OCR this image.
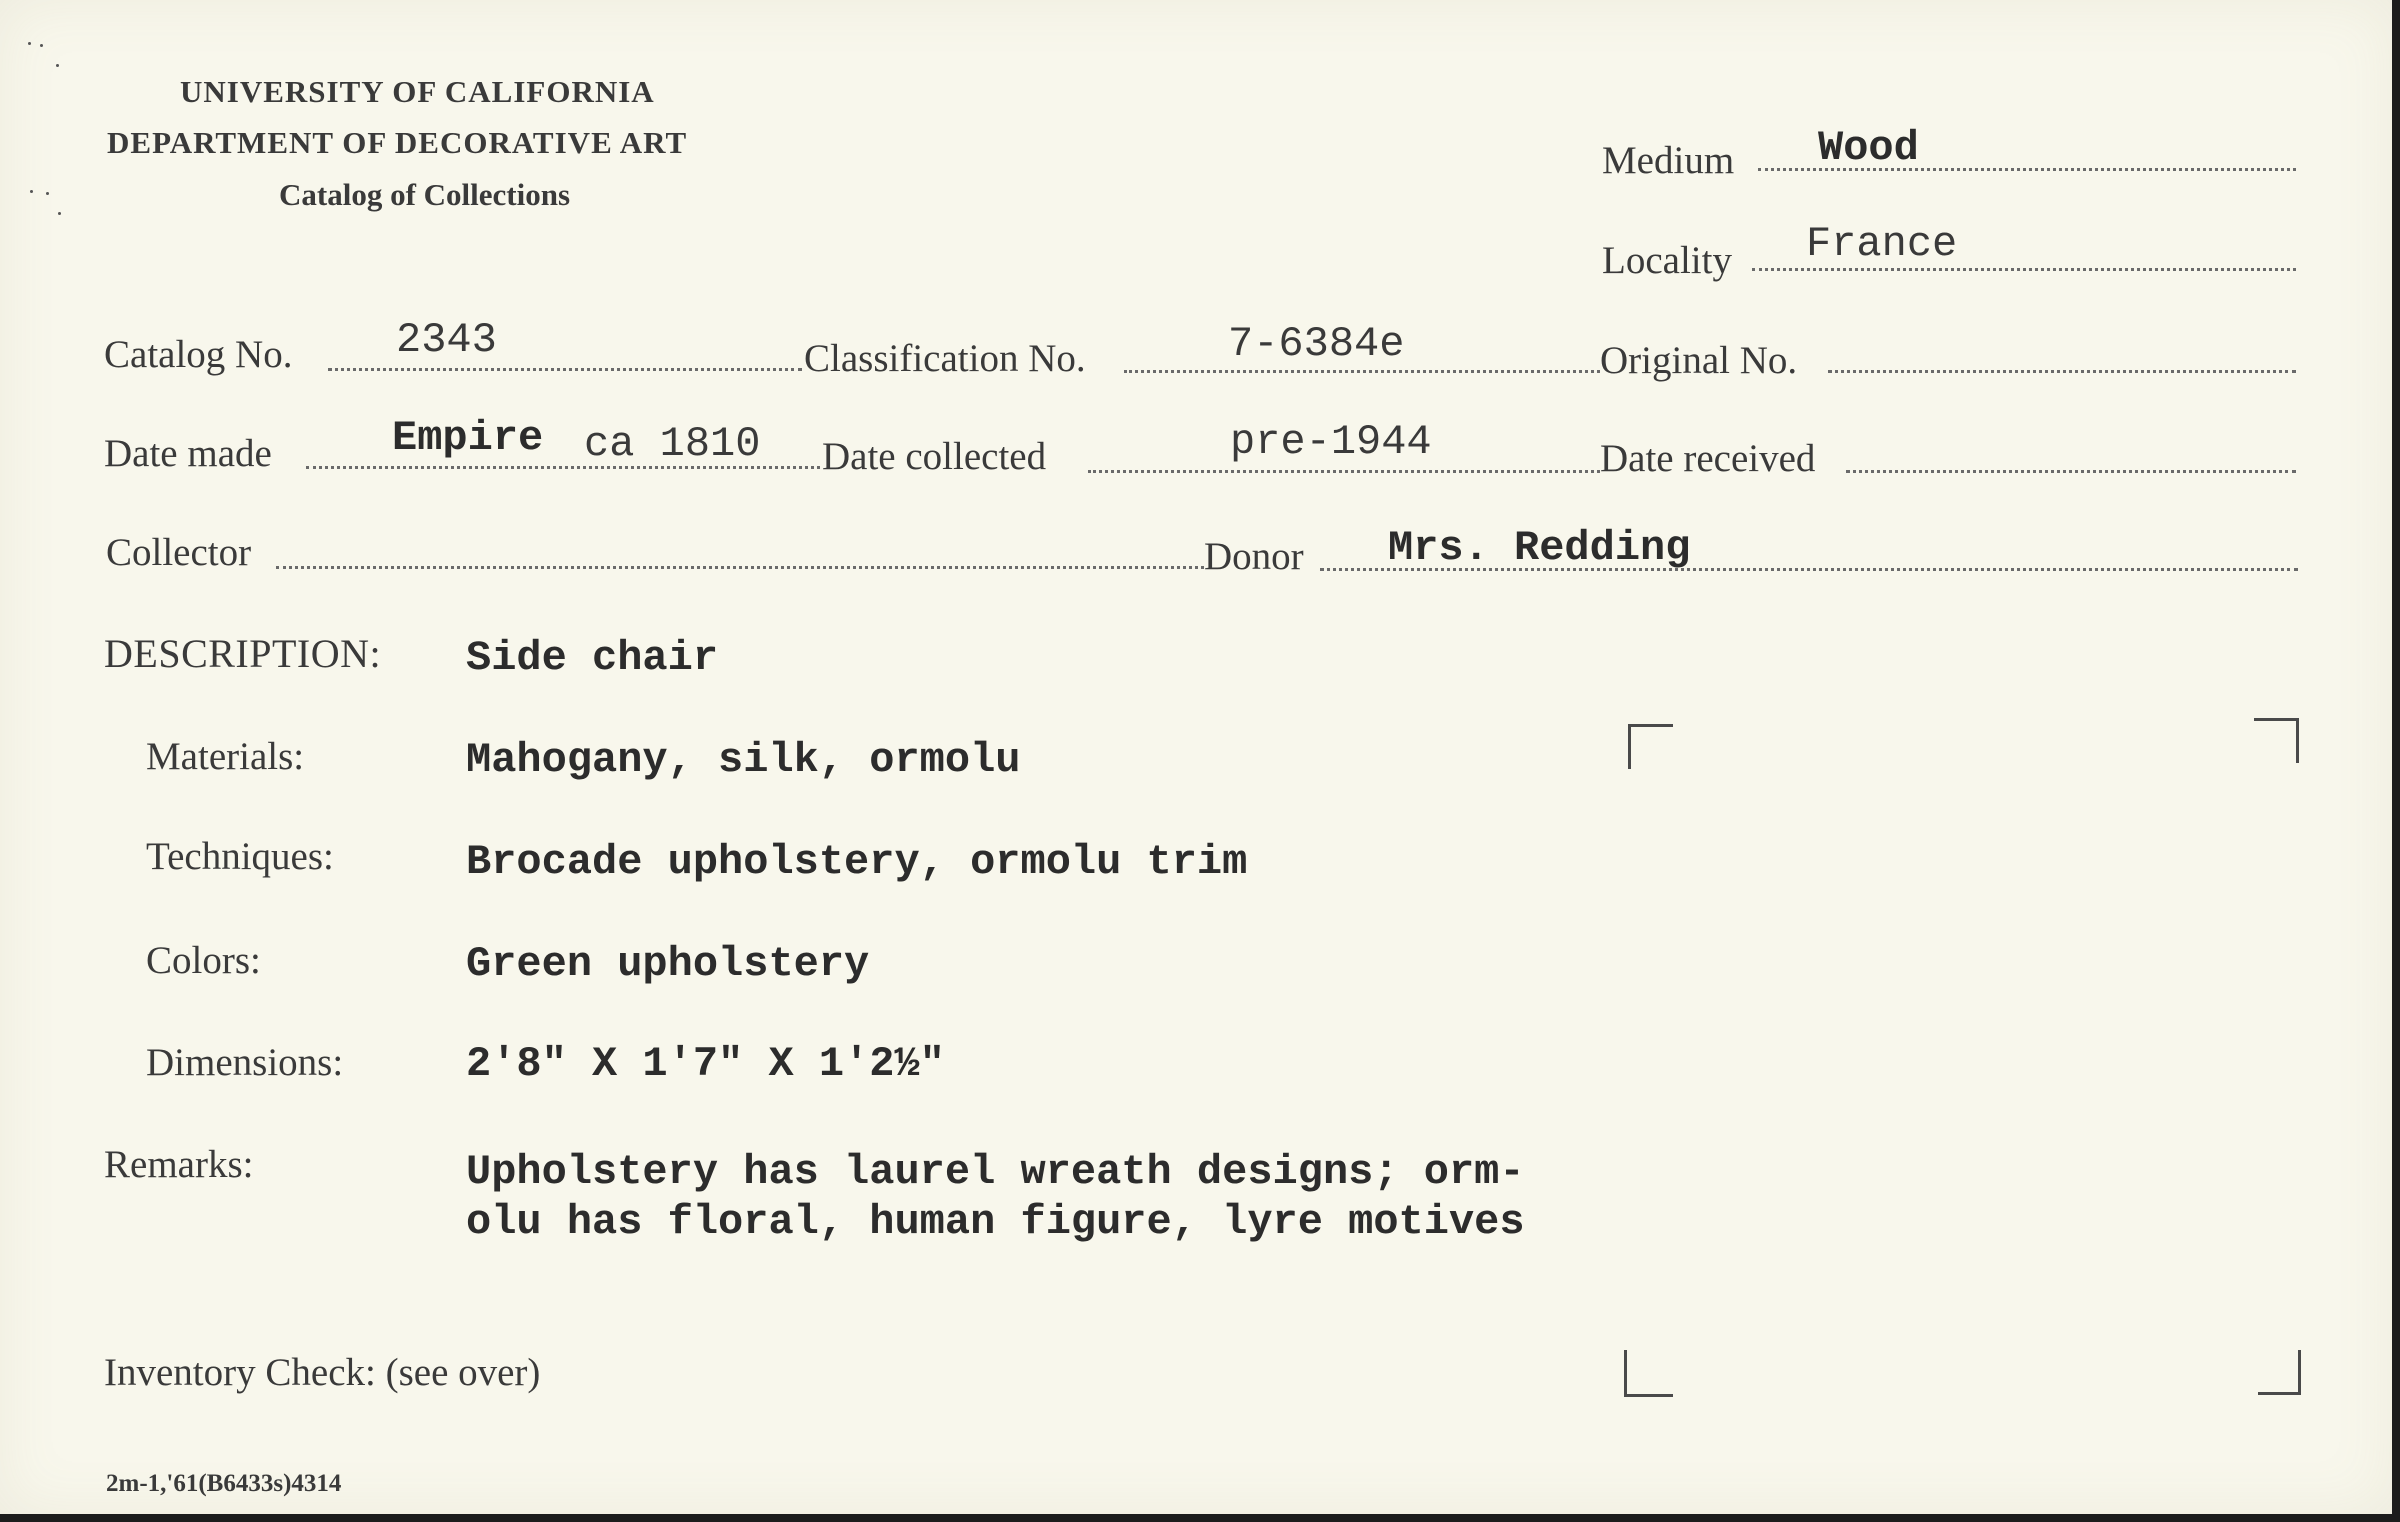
UNIVERSITY OF CALIFORNIA
DEPARTMENT OF DECORATIVE ART
Catalog of Collections
Medium Wood
Locality France
Catalog No. 2343	Classification No.	7-6384e	Original No.
Date made	Empire ca 1810 Date collected	pre-1944	Date received
Collector	Donor Mrs. Redding
DESCRIPTION: Side chair
Materials:	Mahogany, silk, ormolu
Techniques:	Brocade upholstery, ormolu trim
Colors:	Green upholstery
Dimensions:	2'8" X 1'7" X 1'2½"
Remarks:	Upholstery has laurel wreath designs; orm-
olu has floral, human figure, lyre motives
Inventory Check: (see over)
2m-1,'61(B6433s)4314
